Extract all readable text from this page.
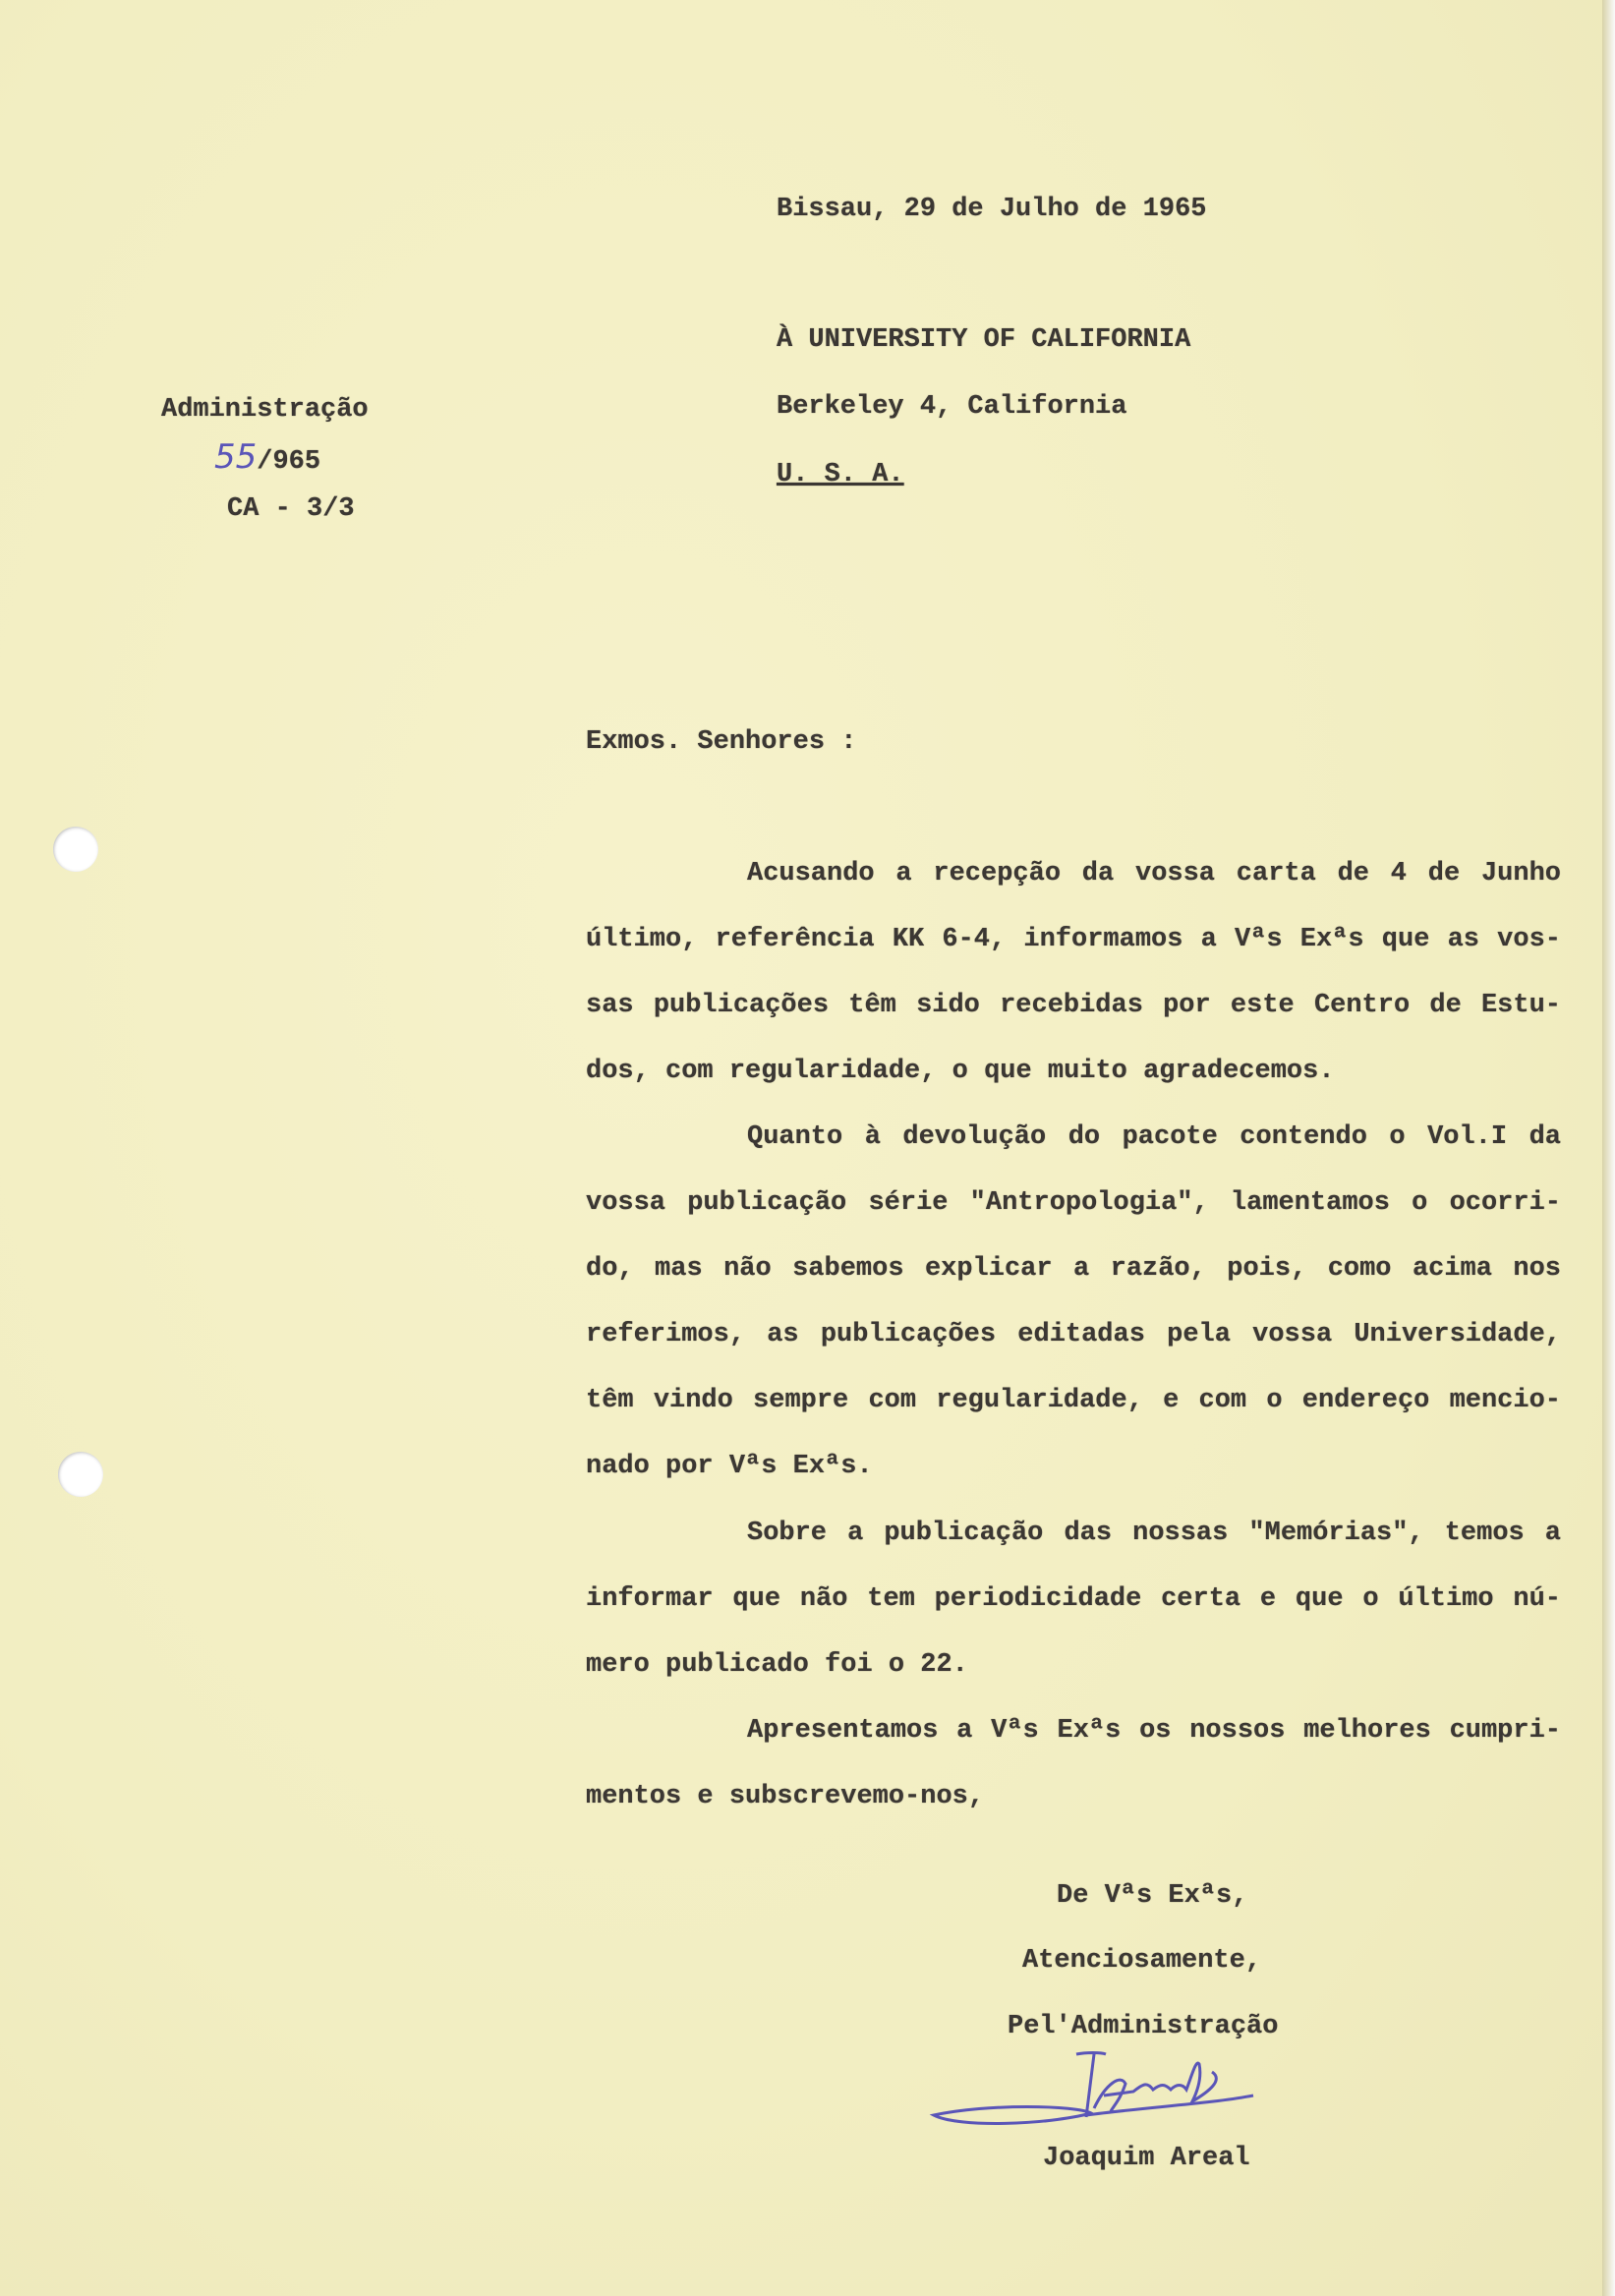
Bissau, 29 de Julho de 1965
À UNIVERSITY OF CALIFORNIA
Berkeley 4, California
U. S. A.
Administração
55/965
CA - 3/3
Exmos. Senhores :
Acusando a recepção da vossa carta de 4 de Junho
último, referência KK 6-4, informamos a Vªs Exªs que as vos-
sas publicações têm sido recebidas por este Centro de Estu-
dos, com regularidade, o que muito agradecemos.
Quanto à devolução do pacote contendo o Vol.I da
vossa publicação série "Antropologia", lamentamos o ocorri-
do, mas não sabemos explicar a razão, pois, como acima nos
referimos, as publicações editadas pela vossa Universidade,
têm vindo sempre com regularidade, e com o endereço mencio-
nado por Vªs Exªs.
Sobre a publicação das nossas "Memórias", temos a
informar que não tem periodicidade certa e que o último nú-
mero publicado foi o 22.
Apresentamos a Vªs Exªs os nossos melhores cumpri-
mentos e subscrevemo-nos,
De Vªs Exªs,
Atenciosamente,
Pel'Administração
Joaquim Areal
